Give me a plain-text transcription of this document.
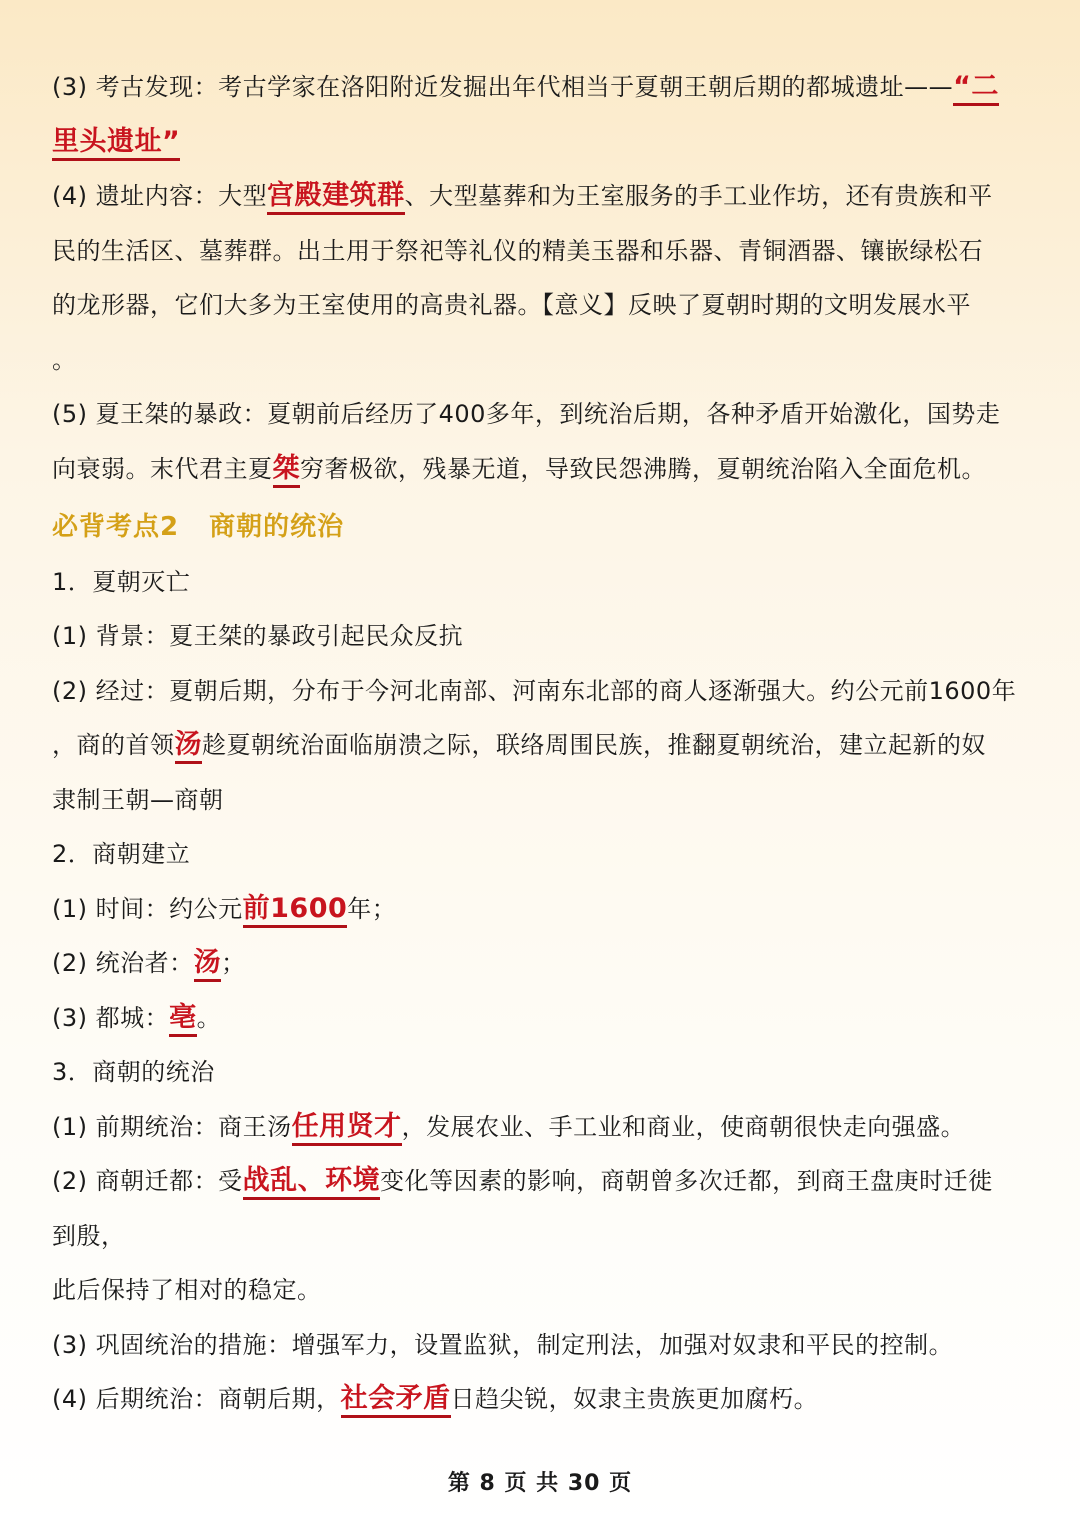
(3) 考古发现：考古学家在洛阳附近发掘出年代相当于夏朝王朝后期的都城遗址——“二
里头遗址”
(4) 遗址内容：大型宫殿建筑群、大型墓葬和为王室服务的手工业作坊，还有贵族和平
民的生活区、墓葬群。出土用于祭祀等礼仪的精美玉器和乐器、青铜酒器、镶嵌绿松石
的龙形器，它们大多为王室使用的高贵礼器。【意义】反映了夏朝时期的文明发展水平
。
(5) 夏王桀的暴政：夏朝前后经历了400多年，到统治后期，各种矛盾开始激化，国势走
向衰弱。末代君主夏桀穷奢极欲，残暴无道，导致民怨沸腾，夏朝统治陷入全面危机。
必背考点2 商朝的统治
1．夏朝灭亡
(1) 背景：夏王桀的暴政引起民众反抗
(2) 经过：夏朝后期，分布于今河北南部、河南东北部的商人逐渐强大。约公元前1600年
，商的首领汤趁夏朝统治面临崩溃之际，联络周围民族，推翻夏朝统治，建立起新的奴
隶制王朝—商朝
2．商朝建立
(1) 时间：约公元前1600年；
(2) 统治者：汤；
(3) 都城：亳。
3．商朝的统治
(1) 前期统治：商王汤任用贤才，发展农业、手工业和商业，使商朝很快走向强盛。
(2) 商朝迁都：受战乱、环境变化等因素的影响，商朝曾多次迁都，到商王盘庚时迁徙
到殷，
此后保持了相对的稳定。
(3) 巩固统治的措施：增强军力，设置监狱，制定刑法，加强对奴隶和平民的控制。
(4) 后期统治：商朝后期，社会矛盾日趋尖锐，奴隶主贵族更加腐朽。
第 8 页 共 30 页
